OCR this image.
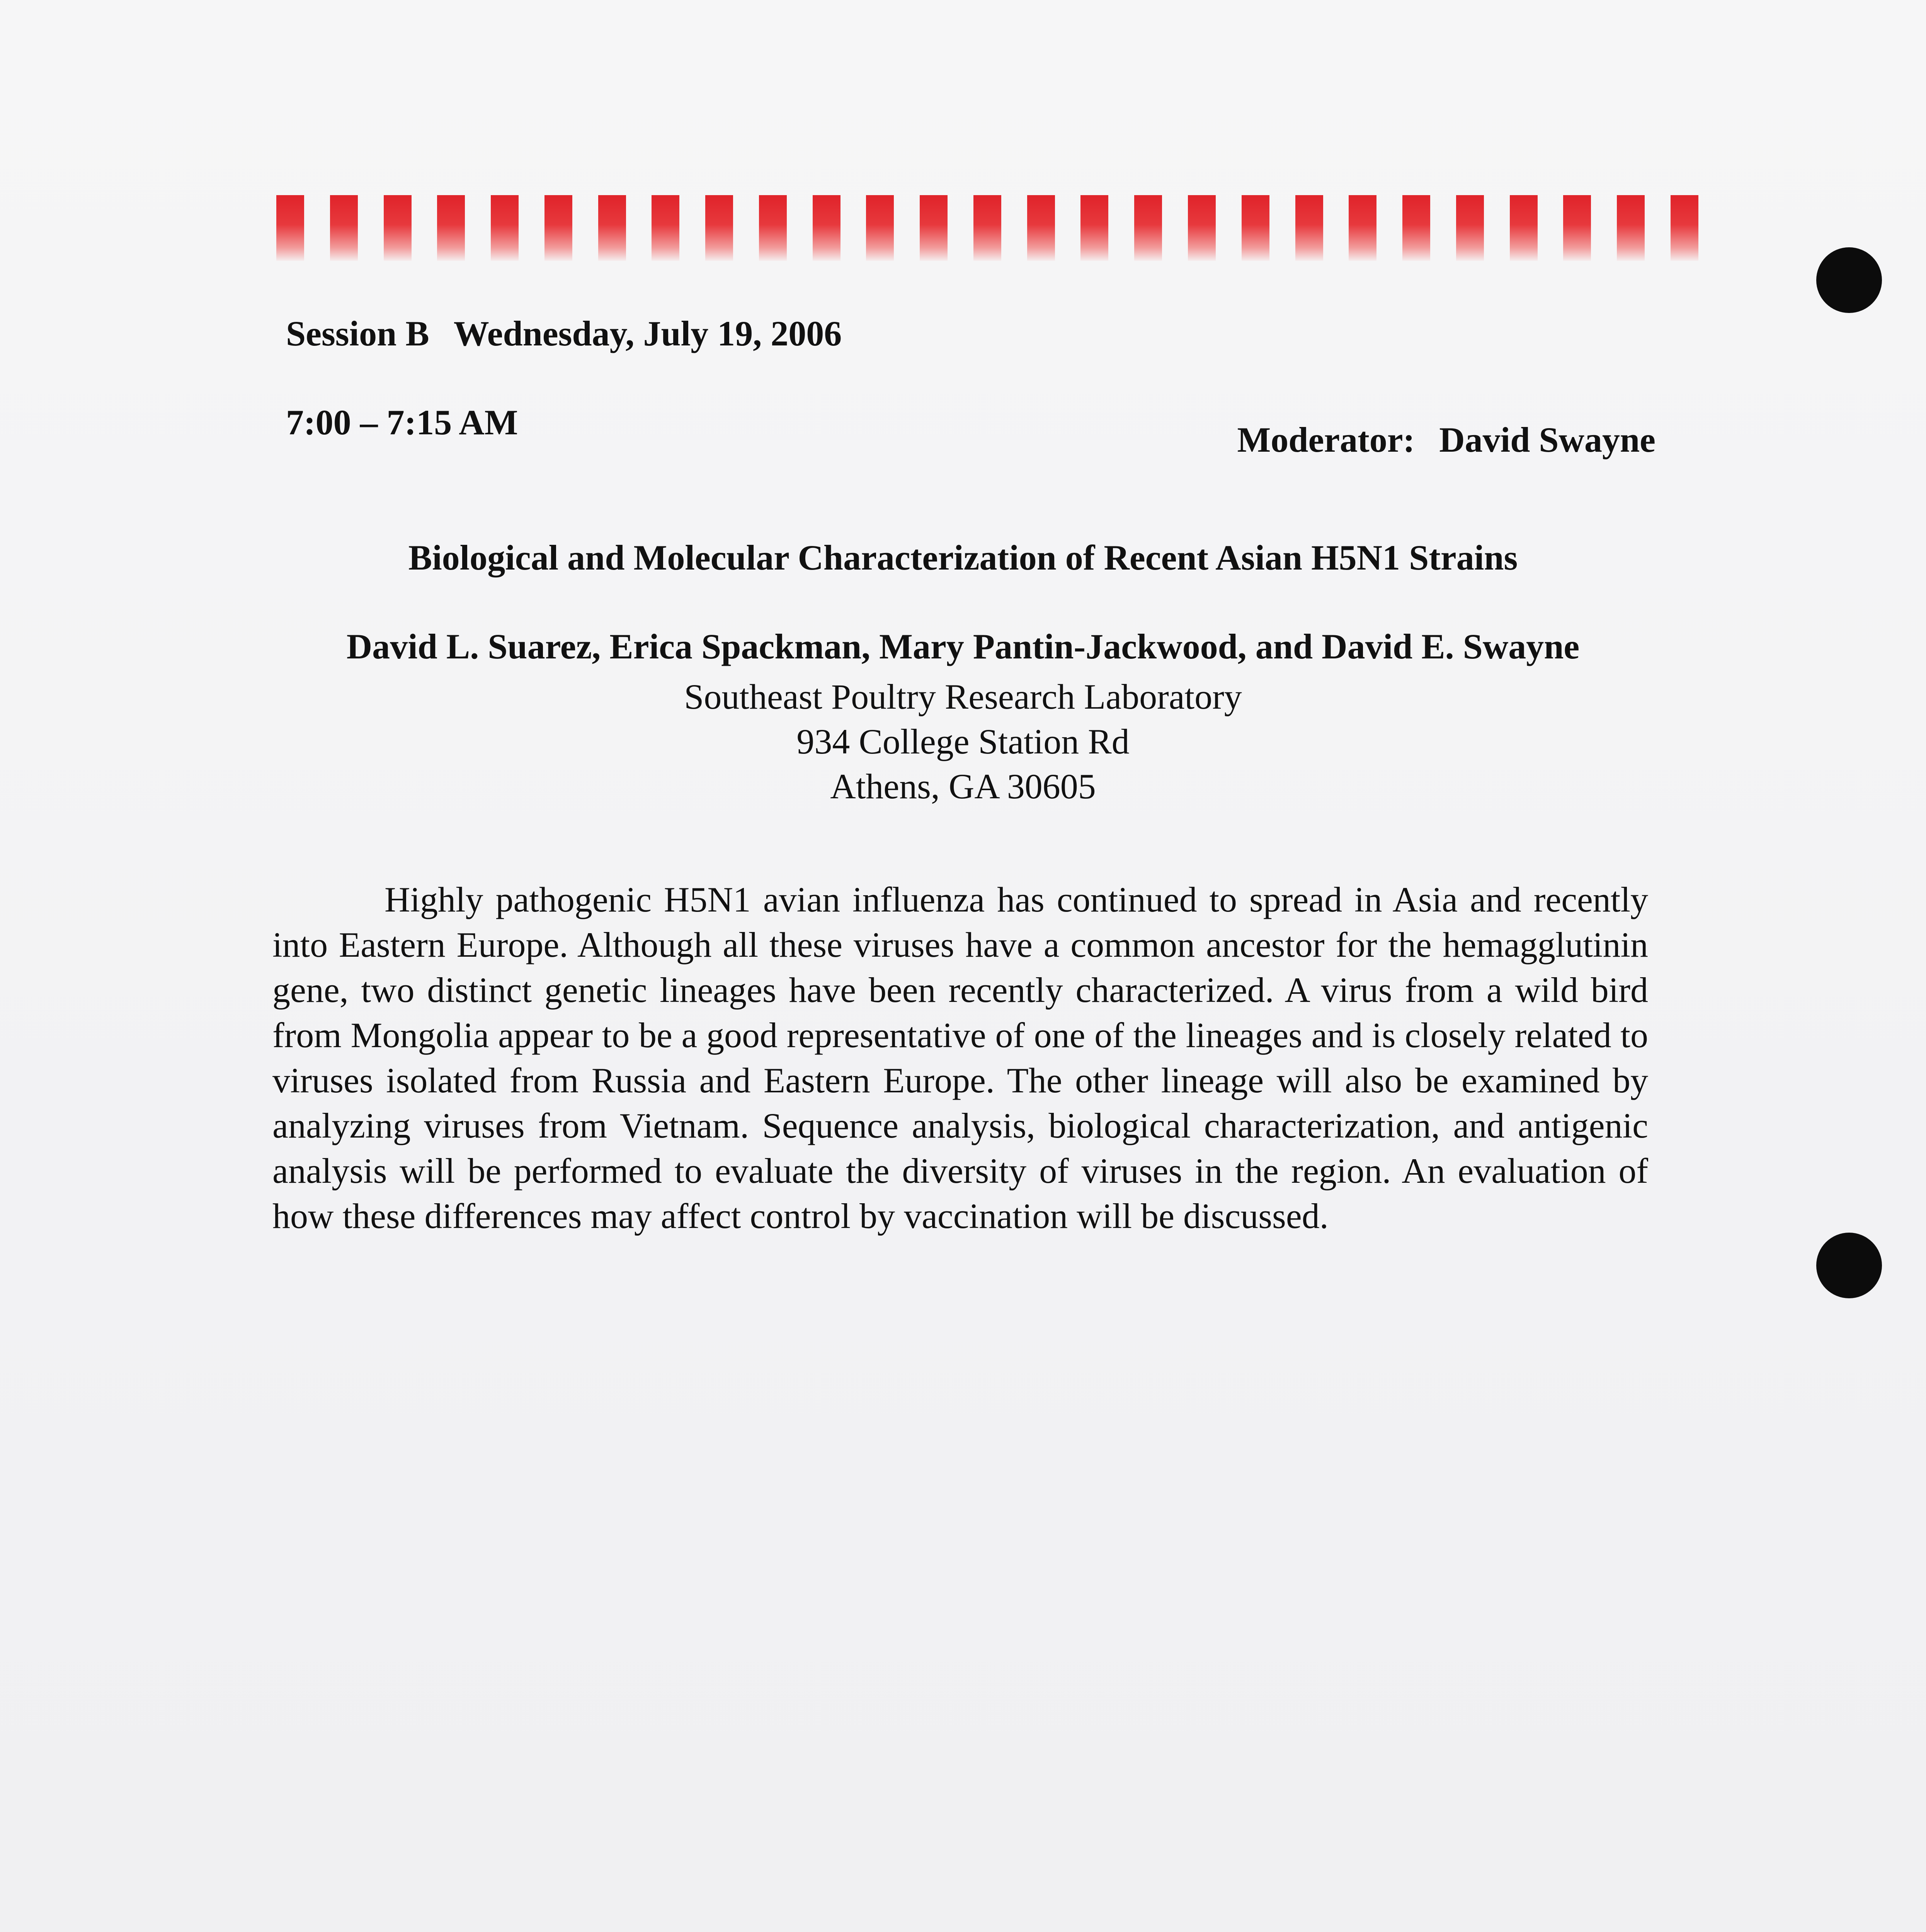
Session B Wednesday, July 19, 2006
7:00 – 7:15 AM	Moderator: David Swayne
Biological and Molecular Characterization of Recent Asian H5N1 Strains
David L. Suarez, Erica Spackman, Mary Pantin-Jackwood, and David E. Swayne
Southeast Poultry Research Laboratory
934 College Station Rd
Athens, GA 30605

Highly pathogenic H5N1 avian influenza has continued to spread in Asia and recently into Eastern Europe. Although all these viruses have a common ancestor for the hemagglutinin gene, two distinct genetic lineages have been recently characterized. A virus from a wild bird from Mongolia appear to be a good representative of one of the lineages and is closely related to viruses isolated from Russia and Eastern Europe. The other lineage will also be examined by analyzing viruses from Vietnam. Sequence analysis, biological characterization, and antigenic analysis will be performed to evaluate the diversity of viruses in the region. An evaluation of how these differences may affect control by vaccination will be discussed.
